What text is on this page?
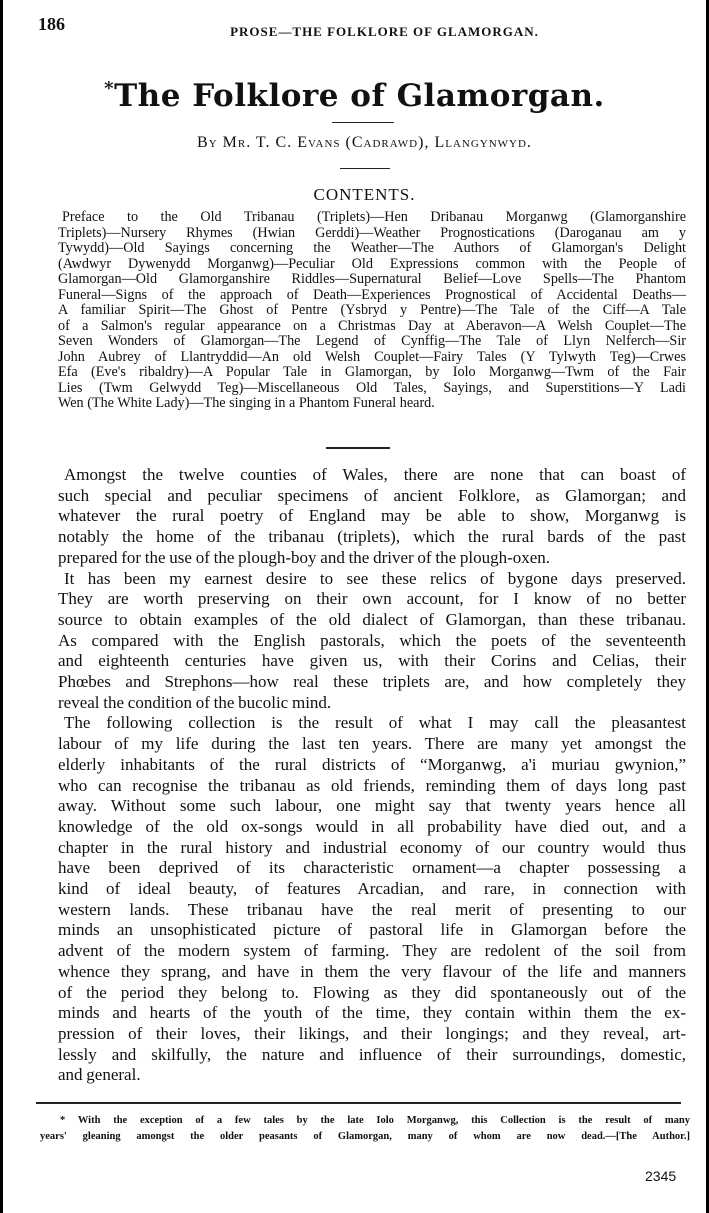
186	PROSE—THE FOLKLORE OF GLAMORGAN.
*The Folklore of Glamorgan.
By Mr. T. C. Evans (Cadrawd), Llangynwyd.
CONTENTS.
Preface to the Old Tribanau (Triplets)—Hen Dribanau Morganwg (Glamorganshire
Triplets)—Nursery Rhymes (Hwian Gerddi)—Weather Prognostications (Daroganau am y
Tywydd)—Old Sayings concerning the Weather—The Authors of Glamorgan's Delight
(Awdwyr Dywenydd Morganwg)—Peculiar Old Expressions common with the People of
Glamorgan—Old Glamorganshire Riddles—Supernatural Belief—Love Spells—The Phantom
Funeral—Signs of the approach of Death—Experiences Prognostical of Accidental Deaths—
A familiar Spirit—The Ghost of Pentre (Ysbryd y Pentre)—The Tale of the Ciff—A Tale
of a Salmon's regular appearance on a Christmas Day at Aberavon—A Welsh Couplet—The
Seven Wonders of Glamorgan—The Legend of Cynffig—The Tale of Llyn Nelferch—Sir
John Aubrey of Llantryddid—An old Welsh Couplet—Fairy Tales (Y Tylwyth Teg)—Crwes
Efa (Eve's ribaldry)—A Popular Tale in Glamorgan, by Iolo Morganwg—Twm of the Fair
Lies (Twm Gelwydd Teg)—Miscellaneous Old Tales, Sayings, and Superstitions—Y Ladi
Wen (The White Lady)—The singing in a Phantom Funeral heard.
Amongst the twelve counties of Wales, there are none that can boast of
such special and peculiar specimens of ancient Folklore, as Glamorgan; and
whatever the rural poetry of England may be able to show, Morganwg is
notably the home of the tribanau (triplets), which the rural bards of the past
prepared for the use of the plough-boy and the driver of the plough-oxen.
It has been my earnest desire to see these relics of bygone days preserved.
They are worth preserving on their own account, for I know of no better
source to obtain examples of the old dialect of Glamorgan, than these tribanau.
As compared with the English pastorals, which the poets of the seventeenth
and eighteenth centuries have given us, with their Corins and Celias, their
Phœbes and Strephons—how real these triplets are, and how completely they
reveal the condition of the bucolic mind.
The following collection is the result of what I may call the pleasantest
labour of my life during the last ten years. There are many yet amongst the
elderly inhabitants of the rural districts of “Morganwg, a'i muriau gwynion,”
who can recognise the tribanau as old friends, reminding them of days long past
away. Without some such labour, one might say that twenty years hence all
knowledge of the old ox-songs would in all probability have died out, and a
chapter in the rural history and industrial economy of our country would thus
have been deprived of its characteristic ornament—a chapter possessing a
kind of ideal beauty, of features Arcadian, and rare, in connection with
western lands. These tribanau have the real merit of presenting to our
minds an unsophisticated picture of pastoral life in Glamorgan before the
advent of the modern system of farming. They are redolent of the soil from
whence they sprang, and have in them the very flavour of the life and manners
of the period they belong to. Flowing as they did spontaneously out of the
minds and hearts of the youth of the time, they contain within them the ex-
pression of their loves, their likings, and their longings; and they reveal, art-
lessly and skilfully, the nature and influence of their surroundings, domestic,
and general.
* With the exception of a few tales by the late Iolo Morganwg, this Collection is the result of many
years' gleaning amongst the older peasants of Glamorgan, many of whom are now dead.—[The Author.]
2345
